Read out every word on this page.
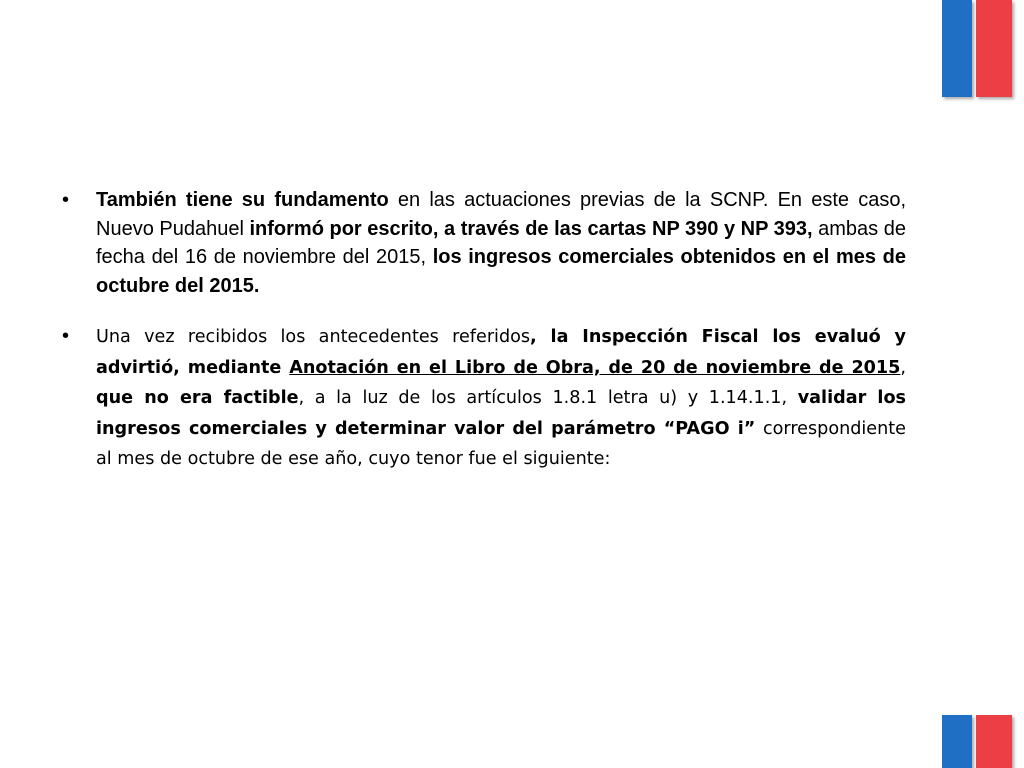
•	También tiene su fundamento en las actuaciones previas de la SCNP. En este caso, Nuevo Pudahuel informó por escrito, a través de las cartas NP 390 y NP 393, ambas de fecha del 16 de noviembre del 2015, los ingresos comerciales obtenidos en el mes de octubre del 2015.

•	Una vez recibidos los antecedentes referidos, la Inspección Fiscal los evaluó y advirtió, mediante Anotación en el Libro de Obra, de 20 de noviembre de 2015, que no era factible, a la luz de los artículos 1.8.1 letra u) y 1.14.1.1, validar los ingresos comerciales y determinar valor del parámetro “PAGO i” correspondiente al mes de octubre de ese año, cuyo tenor fue el siguiente:
